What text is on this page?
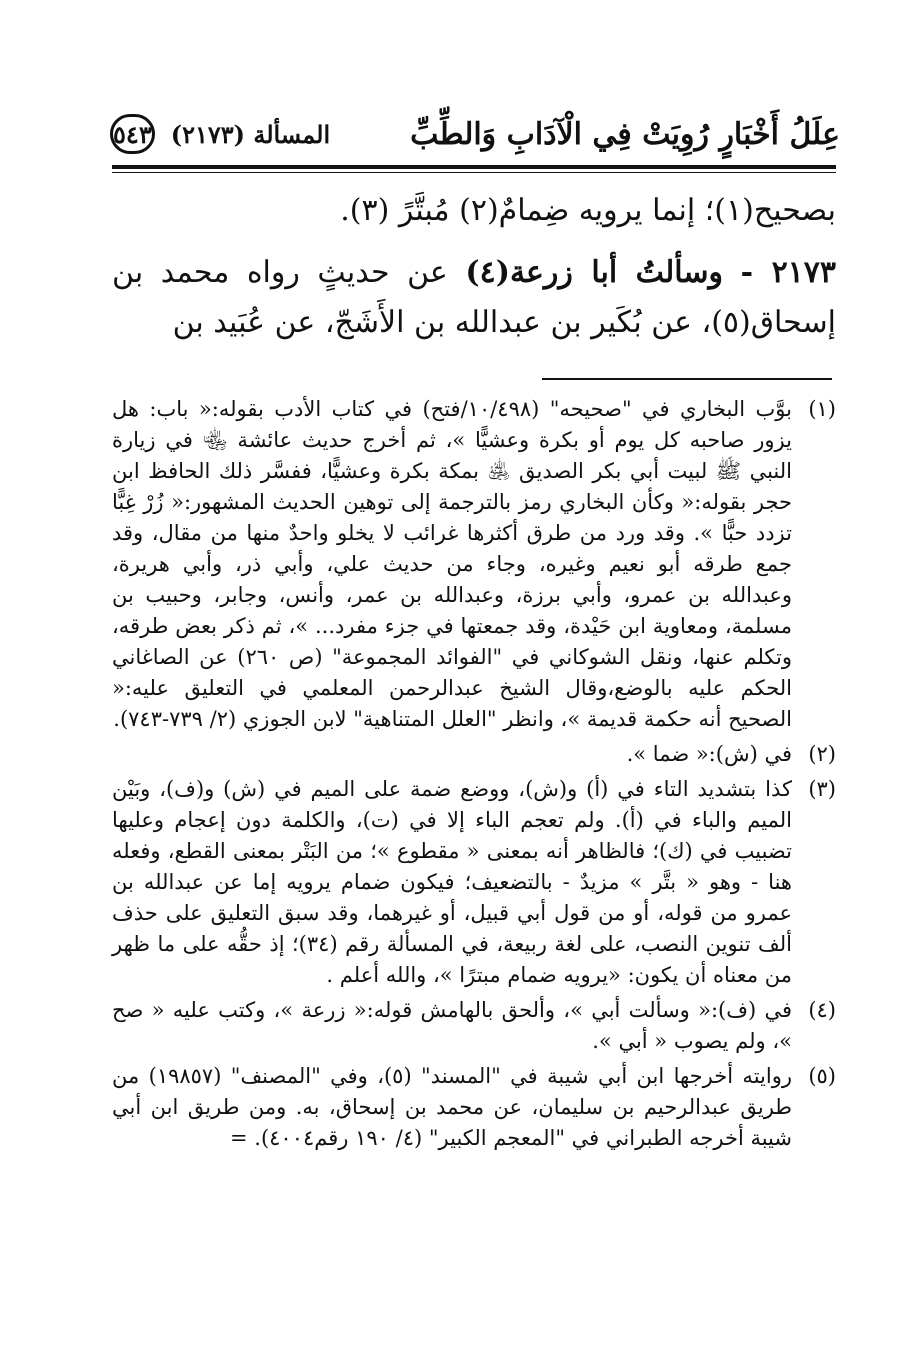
عِلَلُ أَخْبَارٍ رُوِيَتْ فِي الْآدَابِ وَالطِّبِّ
المسألة (٢١٧٣)
٥٤٣

بصحيح(١)؛ إنما يرويه ضِمامٌ(٢) مُبتَّرً (٣).

٢١٧٣ - وسألتُ أبا زرعة(٤) عن حديثٍ رواه محمد بن إسحاق(٥)، عن بُكَير بن عبدالله بن الأَشَجّ، عن عُبَيد بن

(١)
بوَّب البخاري في "صحيحه" (١٠/٤٩٨/فتح) في كتاب الأدب بقوله:« باب: هل يزور صاحبه كل يوم أو بكرة وعشيًّا »، ثم أخرج حديث عائشة ﵄ في زيارة النبي ﷺ لبيت أبي بكر الصديق ﵁ بمكة بكرة وعشيًّا، ففسَّر ذلك الحافظ ابن حجر بقوله:« وكأن البخاري رمز بالترجمة إلى توهين الحديث المشهور:« زُرْ غِبًّا تزدد حبًّا ». وقد ورد من طرق أكثرها غرائب لا يخلو واحدٌ منها من مقال، وقد جمع طرقه أبو نعيم وغيره، وجاء من حديث علي، وأبي ذر، وأبي هريرة، وعبدالله بن عمرو، وأبي برزة، وعبدالله بن عمر، وأنس، وجابر، وحبيب بن مسلمة، ومعاوية ابن حَيْدة، وقد جمعتها في جزء مفرد... »، ثم ذكر بعض طرقه، وتكلم عنها، ونقل الشوكاني في "الفوائد المجموعة" (ص ٢٦٠) عن الصاغاني الحكم عليه بالوضع،وقال الشيخ عبدالرحمن المعلمي في التعليق عليه:« الصحيح أنه حكمة قديمة »، وانظر "العلل المتناهية" لابن الجوزي (٢/ ٧٣٩-٧٤٣).
(٢)
في (ش):« ضما ».
(٣)
كذا بتشديد التاء في (أ) و(ش)، ووضع ضمة على الميم في (ش) و(ف)، وبَيْن الميم والباء في (أ). ولم تعجم الباء إلا في (ت)، والكلمة دون إعجام وعليها تضبيب في (ك)؛ فالظاهر أنه بمعنى « مقطوع »؛ من البَتْر بمعنى القطع، وفعله هنا - وهو « بتَّر » مزيدٌ - بالتضعيف؛ فيكون ضمام يرويه إما عن عبدالله بن عمرو من قوله، أو من قول أبي قبيل، أو غيرهما، وقد سبق التعليق على حذف ألف تنوين النصب، على لغة ربيعة، في المسألة رقم (٣٤)؛ إذ حقُّه على ما ظهر من معناه أن يكون: «يرويه ضمام مبترًا »، والله أعلم .
(٤)
في (ف):« وسألت أبي »، وألحق بالهامش قوله:« زرعة »، وكتب عليه « صح »، ولم يصوب « أبي ».
(٥)
روايته أخرجها ابن أبي شيبة في "المسند" (٥)، وفي "المصنف" (١٩٨٥٧) من طريق عبدالرحيم بن سليمان، عن محمد بن إسحاق، به. ومن طريق ابن أبي شيبة أخرجه الطبراني في "المعجم الكبير" (٤/ ١٩٠ رقم٤٠٠٤). =
